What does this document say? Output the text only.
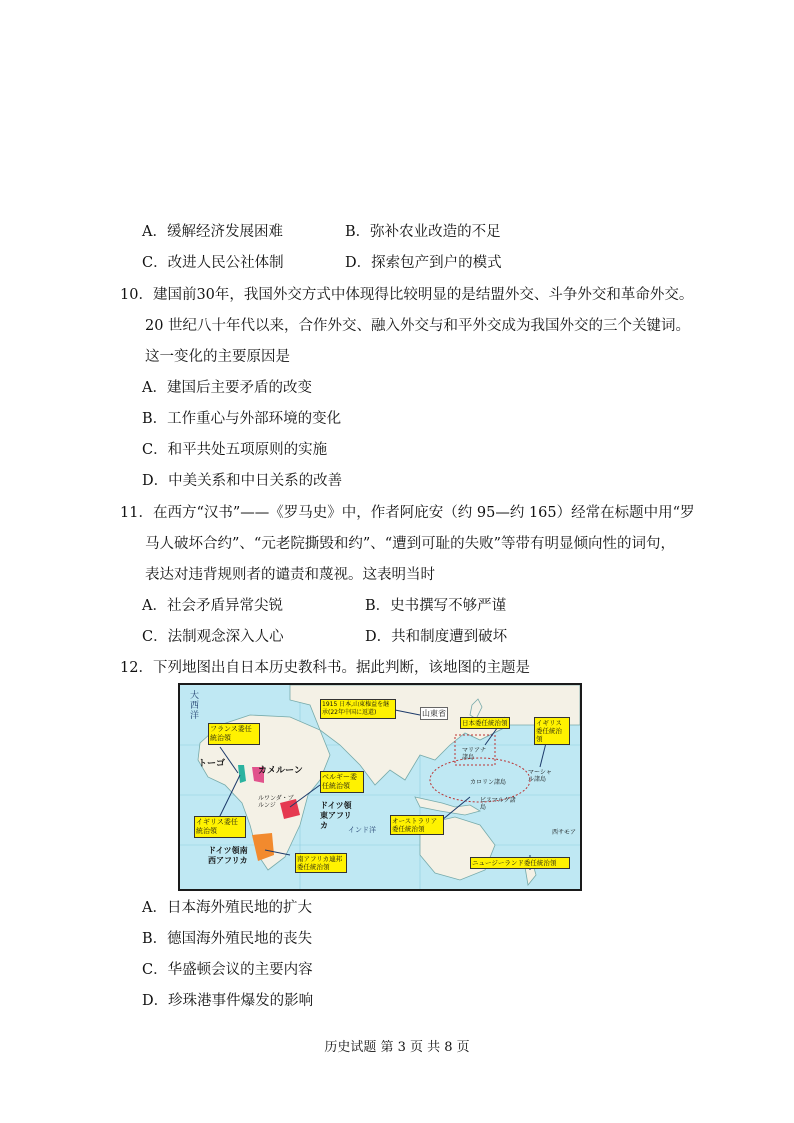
A．缓解经济发展困难	B．弥补农业改造的不足
C．改进人民公社体制	D．探索包产到户的模式
10．建国前30年，我国外交方式中体现得比较明显的是结盟外交、斗争外交和革命外交。
20 世纪八十年代以来，合作外交、融入外交与和平外交成为我国外交的三个关键词。
这一变化的主要原因是
A．建国后主要矛盾的改变
B．工作重心与外部环境的变化
C．和平共处五项原则的实施
D．中美关系和中日关系的改善
11．在西方“汉书”——《罗马史》中，作者阿庇安（约 95—约 165）经常在标题中用“罗
马人破坏合约”、“元老院撕毁和约”、“遭到可耻的失败”等带有明显倾向性的词句，
表达对违背规则者的谴责和蔑视。这表明当时
A．社会矛盾异常尖锐	B．史书撰写不够严谨
C．法制观念深入人心	D．共和制度遭到破坏
12．下列地图出自日本历史教科书。据此判断，该地图的主题是
大西洋
フランス委任統治領
トーゴ
カメルーン
ルワンダ・ブルンジ
ベルギー委任統治領
ドイツ領東アフリカ
イギリス委任統治領
ドイツ領南西アフリカ	南アフリカ連邦委任統治領
インド洋
1915 日本,山東権益を継承(22年中国に返還)	山東省
日本委任統治領	イギリス委任統治領
マリアナ諸島
カロリン諸島
マーシャル諸島
ビスマルク諸島
オーストラリア委任統治領	西サモア
ニュージーランド委任統治領
A．日本海外殖民地的扩大
B．德国海外殖民地的丧失
C．华盛顿会议的主要内容
D．珍珠港事件爆发的影响
历史试题 第 3 页 共 8 页
